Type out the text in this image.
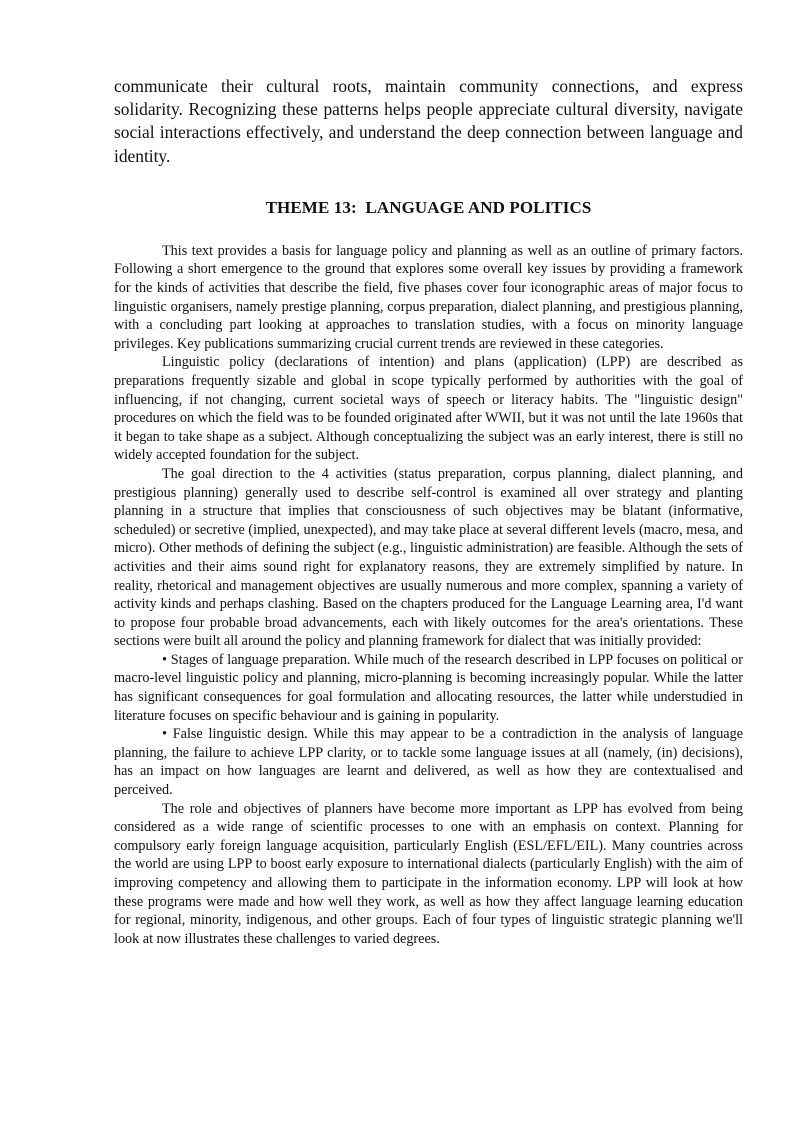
communicate their cultural roots, maintain community connections, and express solidarity. Recognizing these patterns helps people appreciate cultural diversity, navigate social interactions effectively, and understand the deep connection between language and identity.

THEME 13:  LANGUAGE AND POLITICS

This text provides a basis for language policy and planning as well as an outline of primary factors. Following a short emergence to the ground that explores some overall key issues by providing a framework for the kinds of activities that describe the field, five phases cover four iconographic areas of major focus to linguistic organisers, namely prestige planning, corpus preparation, dialect planning, and prestigious planning, with a concluding part looking at approaches to translation studies, with a focus on minority language privileges. Key publications summarizing crucial current trends are reviewed in these categories.

Linguistic policy (declarations of intention) and plans (application) (LPP) are described as preparations frequently sizable and global in scope typically performed by authorities with the goal of influencing, if not changing, current societal ways of speech or literacy habits. The "linguistic design" procedures on which the field was to be founded originated after WWII, but it was not until the late 1960s that it began to take shape as a subject. Although conceptualizing the subject was an early interest, there is still no widely accepted foundation for the subject.

The goal direction to the 4 activities (status preparation, corpus planning, dialect planning, and prestigious planning) generally used to describe self-control is examined all over strategy and planting planning in a structure that implies that consciousness of such objectives may be blatant (informative, scheduled) or secretive (implied, unexpected), and may take place at several different levels (macro, mesa, and micro). Other methods of defining the subject (e.g., linguistic administration) are feasible. Although the sets of activities and their aims sound right for explanatory reasons, they are extremely simplified by nature. In reality, rhetorical and management objectives are usually numerous and more complex, spanning a variety of activity kinds and perhaps clashing. Based on the chapters produced for the Language Learning area, I'd want to propose four probable broad advancements, each with likely outcomes for the area's orientations. These sections were built all around the policy and planning framework for dialect that was initially provided:

• Stages of language preparation. While much of the research described in LPP focuses on political or macro-level linguistic policy and planning, micro-planning is becoming increasingly popular. While the latter has significant consequences for goal formulation and allocating resources, the latter while understudied in literature focuses on specific behaviour and is gaining in popularity.

• False linguistic design. While this may appear to be a contradiction in the analysis of language planning, the failure to achieve LPP clarity, or to tackle some language issues at all (namely, (in) decisions), has an impact on how languages are learnt and delivered, as well as how they are contextualised and perceived.

The role and objectives of planners have become more important as LPP has evolved from being considered as a wide range of scientific processes to one with an emphasis on context. Planning for compulsory early foreign language acquisition, particularly English (ESL/EFL/EIL). Many countries across the world are using LPP to boost early exposure to international dialects (particularly English) with the aim of improving competency and allowing them to participate in the information economy. LPP will look at how these programs were made and how well they work, as well as how they affect language learning education for regional, minority, indigenous, and other groups. Each of four types of linguistic strategic planning we'll look at now illustrates these challenges to varied degrees.
